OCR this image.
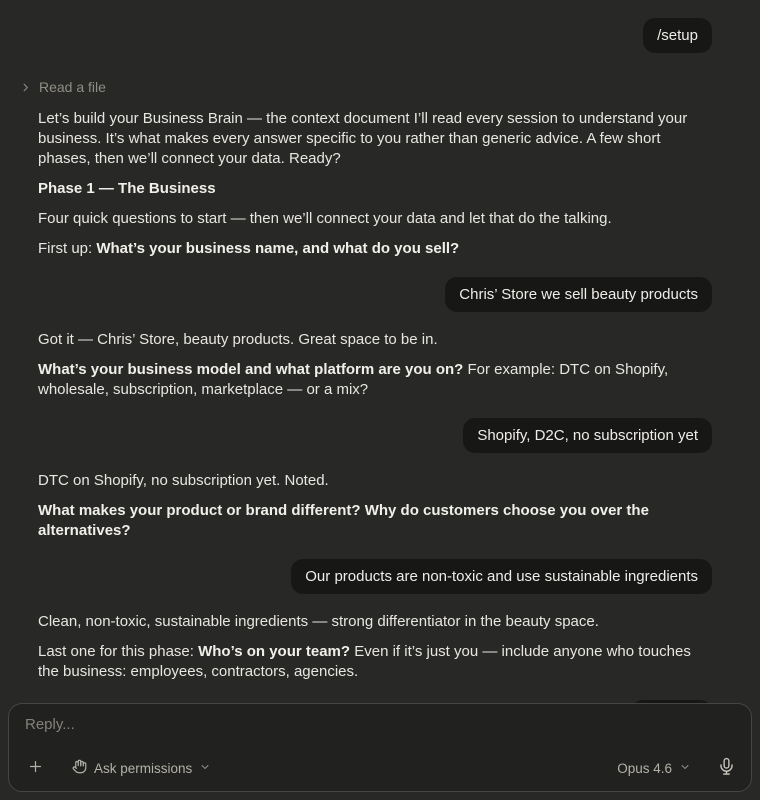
/setup
Read a file

Let’s build your Business Brain — the context document I’ll read every session to understand your business. It’s what makes every answer specific to you rather than generic advice. A few short phases, then we’ll connect your data. Ready?

Phase 1 — The Business

Four quick questions to start — then we’ll connect your data and let that do the talking.

First up: What’s your business name, and what do you sell?

Chris’ Store we sell beauty products

Got it — Chris’ Store, beauty products. Great space to be in.

What’s your business model and what platform are you on? For example: DTC on Shopify, wholesale, subscription, marketplace — or a mix?

Shopify, D2C, no subscription yet

DTC on Shopify, no subscription yet. Noted.

What makes your product or brand different? Why do customers choose you over the alternatives?

Our products are non-toxic and use sustainable ingredients

Clean, non-toxic, sustainable ingredients — strong differentiator in the beauty space.

Last one for this phase: Who’s on your team? Even if it’s just you — include anyone who touches the business: employees, contractors, agencies.

Reply...
Ask permissions	Opus 4.6
